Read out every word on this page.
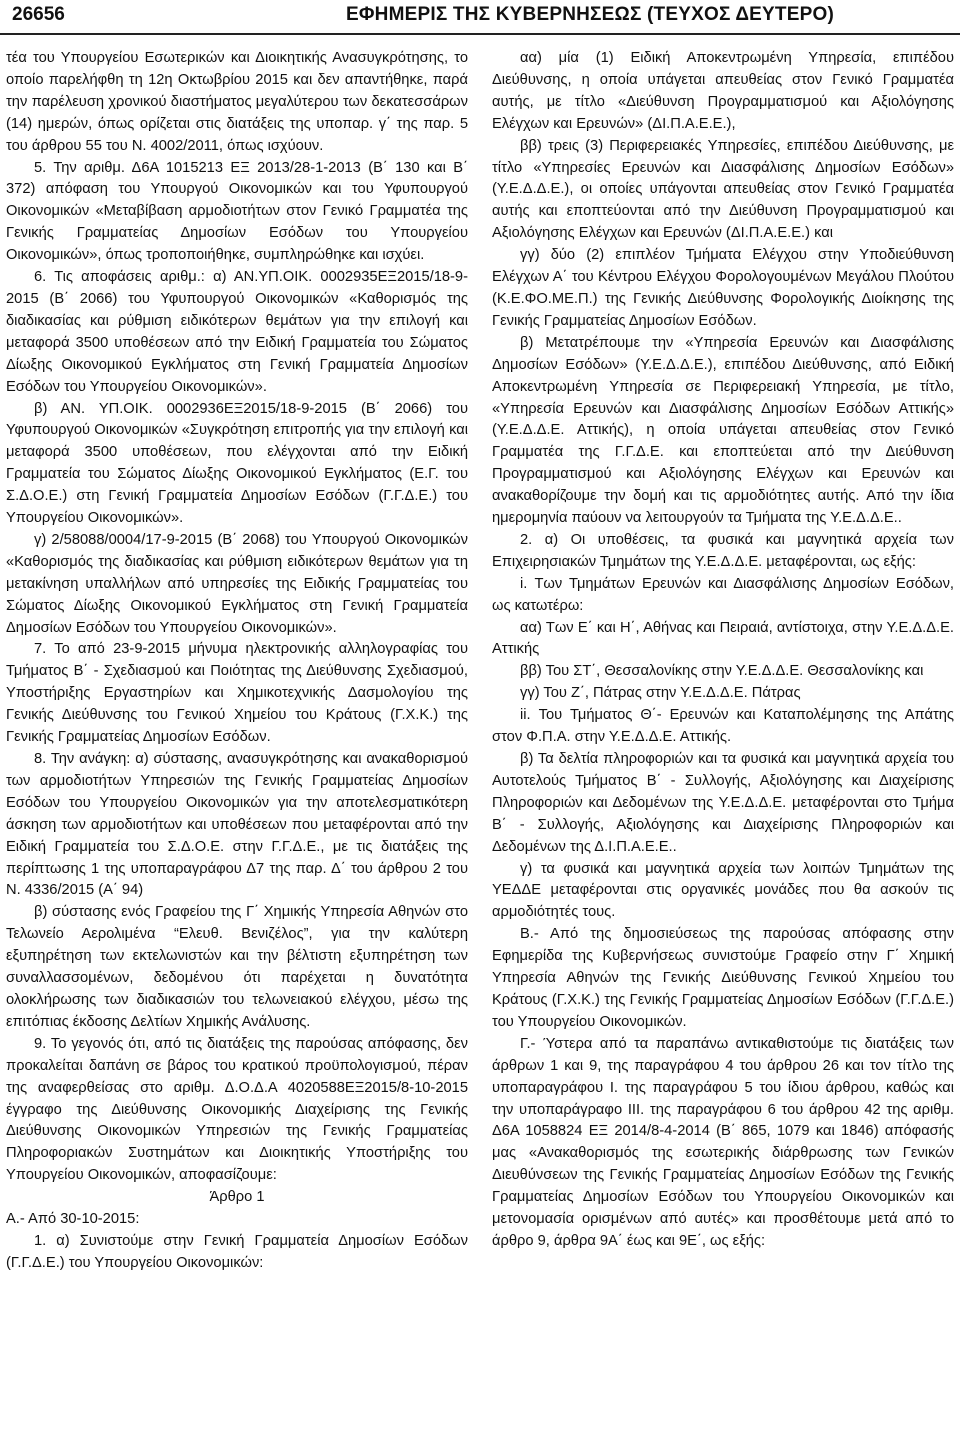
26656	ΕΦΗΜΕΡΙΣ ΤΗΣ ΚΥΒΕΡΝΗΣΕΩΣ (ΤΕΥΧΟΣ ΔΕΥΤΕΡΟ)

τέα του Υπουργείου Εσωτερικών και Διοικητικής Ανασυγκρότησης, το οποίο παρελήφθη τη 12η Οκτωβρίου 2015 και δεν απαντήθηκε, παρά την παρέλευση χρονικού διαστήματος μεγαλύτερου των δεκατεσσάρων (14) ημερών, όπως ορίζεται στις διατάξεις της υποπαρ. γ΄ της παρ. 5 του άρθρου 55 του Ν. 4002/2011, όπως ισχύουν.

5. Την αριθμ. Δ6Α 1015213 ΕΞ 2013/28-1-2013 (Β΄ 130 και Β΄ 372) απόφαση του Υπουργού Οικονομικών και του Υφυπουργού Οικονομικών «Μεταβίβαση αρμοδιοτήτων στον Γενικό Γραμματέα της Γενικής Γραμματείας Δημοσίων Εσόδων του Υπουργείου Οικονομικών», όπως τροποποιήθηκε, συμπληρώθηκε και ισχύει.

6. Τις αποφάσεις αριθμ.: α) ΑΝ.ΥΠ.ΟΙΚ. 0002935ΕΞ2015/18-9-2015 (Β΄ 2066) του Υφυπουργού Οικονομικών «Καθορισμός της διαδικασίας και ρύθμιση ειδικότερων θεμάτων για την επιλογή και μεταφορά 3500 υποθέσεων από την Ειδική Γραμματεία του Σώματος Δίωξης Οικονομικού Εγκλήματος στη Γενική Γραμματεία Δημοσίων Εσόδων του Υπουργείου Οικονομικών».

β) ΑΝ. ΥΠ.ΟΙΚ. 0002936ΕΞ2015/18-9-2015 (Β΄ 2066) του Υφυπουργού Οικονομικών «Συγκρότηση επιτροπής για την επιλογή και μεταφορά 3500 υποθέσεων, που ελέγχονται από την Ειδική Γραμματεία του Σώματος Δίωξης Οικονομικού Εγκλήματος (Ε.Γ. του Σ.Δ.Ο.Ε.) στη Γενική Γραμματεία Δημοσίων Εσόδων (Γ.Γ.Δ.Ε.) του Υπουργείου Οικονομικών».

γ) 2/58088/0004/17-9-2015 (Β΄ 2068) του Υπουργού Οικονομικών «Καθορισμός της διαδικασίας και ρύθμιση ειδικότερων θεμάτων για τη μετακίνηση υπαλλήλων από υπηρεσίες της Ειδικής Γραμματείας του Σώματος Δίωξης Οικονομικού Εγκλήματος στη Γενική Γραμματεία Δημοσίων Εσόδων του Υπουργείου Οικονομικών».

7. Το από 23-9-2015 μήνυμα ηλεκτρονικής αλληλογραφίας του Τμήματος Β΄ - Σχεδιασμού και Ποιότητας της Διεύθυνσης Σχεδιασμού, Υποστήριξης Εργαστηρίων και Χημικοτεχνικής Δασμολογίου της Γενικής Διεύθυνσης του Γενικού Χημείου του Κράτους (Γ.Χ.Κ.) της Γενικής Γραμματείας Δημοσίων Εσόδων.

8. Την ανάγκη: α) σύστασης, ανασυγκρότησης και ανακαθορισμού των αρμοδιοτήτων Υπηρεσιών της Γενικής Γραμματείας Δημοσίων Εσόδων του Υπουργείου Οικονομικών για την αποτελεσματικότερη άσκηση των αρμοδιοτήτων και υποθέσεων που μεταφέρονται από την Ειδική Γραμματεία του Σ.Δ.Ο.Ε. στην Γ.Γ.Δ.Ε., με τις διατάξεις της περίπτωσης 1 της υποπαραγράφου Δ7 της παρ. Δ΄ του άρθρου 2 του Ν. 4336/2015 (Α΄ 94)

β) σύστασης ενός Γραφείου της Γ΄ Χημικής Υπηρεσία Αθηνών στο Τελωνείο Αερολιμένα “Ελευθ. Βενιζέλος”, για την καλύτερη εξυπηρέτηση των εκτελωνιστών και την βέλτιστη εξυπηρέτηση των συναλλασσομένων, δεδομένου ότι παρέχεται η δυνατότητα ολοκλήρωσης των διαδικασιών του τελωνειακού ελέγχου, μέσω της επιτόπιας έκδοσης Δελτίων Χημικής Ανάλυσης.

9. Το γεγονός ότι, από τις διατάξεις της παρούσας απόφασης, δεν προκαλείται δαπάνη σε βάρος του κρατικού προϋπολογισμού, πέραν της αναφερθείσας στο αριθμ. Δ.Ο.Δ.Α 4020588ΕΞ2015/8-10-2015 έγγραφο της Διεύθυνσης Οικονομικής Διαχείρισης της Γενικής Διεύθυνσης Οικονομικών Υπηρεσιών της Γενικής Γραμματείας Πληροφοριακών Συστημάτων και Διοικητικής Υποστήριξης του Υπουργείου Οικονομικών, αποφασίζουμε:

Άρθρο 1

Α.- Από 30-10-2015:

1. α) Συνιστούμε στην Γενική Γραμματεία Δημοσίων Εσόδων (Γ.Γ.Δ.Ε.) του Υπουργείου Οικονομικών:

αα) μία (1) Ειδική Αποκεντρωμένη Υπηρεσία, επιπέδου Διεύθυνσης, η οποία υπάγεται απευθείας στον Γενικό Γραμματέα αυτής, με τίτλο «Διεύθυνση Προγραμματισμού και Αξιολόγησης Ελέγχων και Ερευνών» (ΔΙ.Π.Α.Ε.Ε.),

ββ) τρεις (3) Περιφερειακές Υπηρεσίες, επιπέδου Διεύθυνσης, με τίτλο «Υπηρεσίες Ερευνών και Διασφάλισης Δημοσίων Εσόδων» (Υ.Ε.Δ.Δ.Ε.), οι οποίες υπάγονται απευθείας στον Γενικό Γραμματέα αυτής και εποπτεύονται από την Διεύθυνση Προγραμματισμού και Αξιολόγησης Ελέγχων και Ερευνών (ΔΙ.Π.Α.Ε.Ε.) και

γγ) δύο (2) επιπλέον Τμήματα Ελέγχου στην Υποδιεύθυνση Ελέγχων Α΄ του Κέντρου Ελέγχου Φορολογουμένων Μεγάλου Πλούτου (Κ.Ε.ΦΟ.ΜΕ.Π.) της Γενικής Διεύθυνσης Φορολογικής Διοίκησης της Γενικής Γραμματείας Δημοσίων Εσόδων.

β) Μετατρέπουμε την «Υπηρεσία Ερευνών και Διασφάλισης Δημοσίων Εσόδων» (Υ.Ε.Δ.Δ.Ε.), επιπέδου Διεύθυνσης, από Ειδική Αποκεντρωμένη Υπηρεσία σε Περιφερειακή Υπηρεσία, με τίτλο, «Υπηρεσία Ερευνών και Διασφάλισης Δημοσίων Εσόδων Αττικής» (Υ.Ε.Δ.Δ.Ε. Αττικής), η οποία υπάγεται απευθείας στον Γενικό Γραμματέα της Γ.Γ.Δ.Ε. και εποπτεύεται από την Διεύθυνση Προγραμματισμού και Αξιολόγησης Ελέγχων και Ερευνών και ανακαθορίζουμε την δομή και τις αρμοδιότητες αυτής. Από την ίδια ημερομηνία παύουν να λειτουργούν τα Τμήματα της Υ.Ε.Δ.Δ.Ε..

2. α) Οι υποθέσεις, τα φυσικά και μαγνητικά αρχεία των Επιχειρησιακών Τμημάτων της Υ.Ε.Δ.Δ.Ε. μεταφέρονται, ως εξής:

i. Των Τμημάτων Ερευνών και Διασφάλισης Δημοσίων Εσόδων, ως κατωτέρω:

αα) Των Ε΄ και Η΄, Αθήνας και Πειραιά, αντίστοιχα, στην Υ.Ε.Δ.Δ.Ε. Αττικής

ββ) Του ΣΤ΄, Θεσσαλονίκης στην Υ.Ε.Δ.Δ.Ε. Θεσσαλονίκης και

γγ) Του Ζ΄, Πάτρας στην Υ.Ε.Δ.Δ.Ε. Πάτρας

ii. Του Τμήματος Θ΄- Ερευνών και Καταπολέμησης της Απάτης στον Φ.Π.Α. στην Υ.Ε.Δ.Δ.Ε. Αττικής.

β) Τα δελτία πληροφοριών και τα φυσικά και μαγνητικά αρχεία του Αυτοτελούς Τμήματος Β΄ - Συλλογής, Αξιολόγησης και Διαχείρισης Πληροφοριών και Δεδομένων της Υ.Ε.Δ.Δ.Ε. μεταφέρονται στο Τμήμα Β΄ - Συλλογής, Αξιολόγησης και Διαχείρισης Πληροφοριών και Δεδομένων της Δ.Ι.Π.Α.Ε.Ε..

γ) τα φυσικά και μαγνητικά αρχεία των λοιπών Τμημάτων της ΥΕΔΔΕ μεταφέρονται στις οργανικές μονάδες που θα ασκούν τις αρμοδιότητές τους.

Β.- Από της δημοσιεύσεως της παρούσας απόφασης στην Εφημερίδα της Κυβερνήσεως συνιστούμε Γραφείο στην Γ΄ Χημική Υπηρεσία Αθηνών της Γενικής Διεύθυνσης Γενικού Χημείου του Κράτους (Γ.Χ.Κ.) της Γενικής Γραμματείας Δημοσίων Εσόδων (Γ.Γ.Δ.Ε.) του Υπουργείου Οικονομικών.

Γ.- Ύστερα από τα παραπάνω αντικαθιστούμε τις διατάξεις των άρθρων 1 και 9, της παραγράφου 4 του άρθρου 26 και τον τίτλο της υποπαραγράφου Ι. της παραγράφου 5 του ίδιου άρθρου, καθώς και την υποπαράγραφο ΙΙΙ. της παραγράφου 6 του άρθρου 42 της αριθμ. Δ6Α 1058824 ΕΞ 2014/8-4-2014 (Β΄ 865, 1079 και 1846) απόφασής μας «Ανακαθορισμός της εσωτερικής διάρθρωσης των Γενικών Διευθύνσεων της Γενικής Γραμματείας Δημοσίων Εσόδων της Γενικής Γραμματείας Δημοσίων Εσόδων του Υπουργείου Οικονομικών και μετονομασία ορισμένων από αυτές» και προσθέτουμε μετά από το άρθρο 9, άρθρα 9Α΄ έως και 9Ε΄, ως εξής:
